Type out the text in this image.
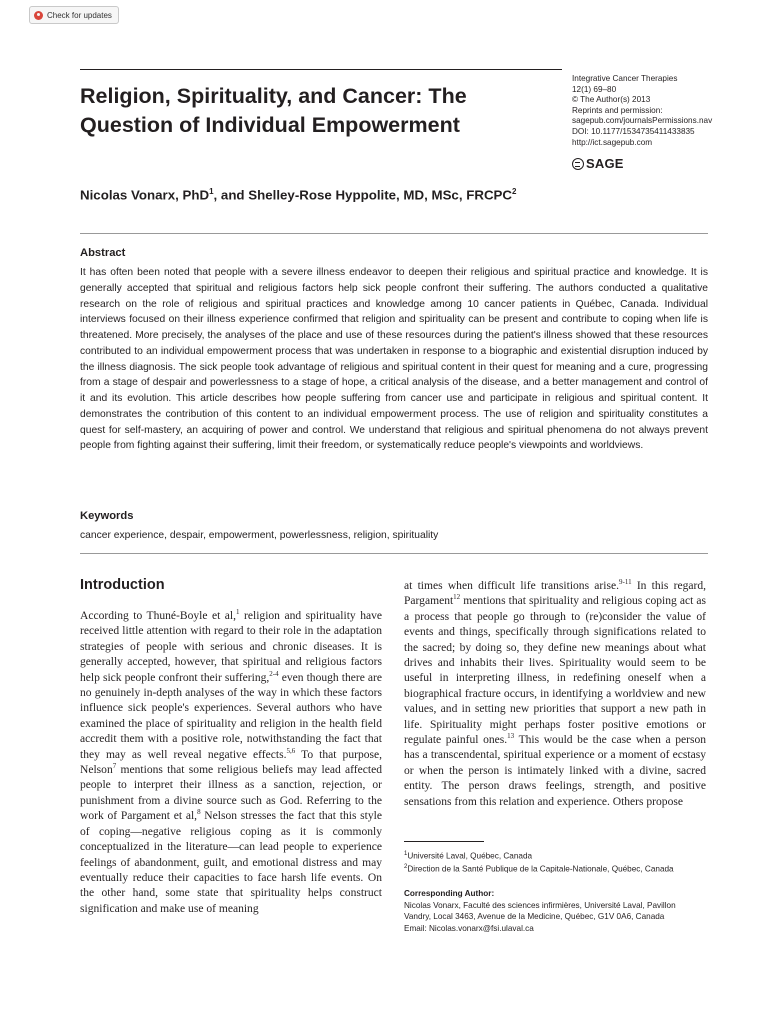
Check for updates
Religion, Spirituality, and Cancer: The Question of Individual Empowerment
Integrative Cancer Therapies
12(1) 69–80
© The Author(s) 2013
Reprints and permission:
sagepub.com/journalsPermissions.nav
DOI: 10.1177/1534735411433835
http://ict.sagepub.com
SAGE
Nicolas Vonarx, PhD$^1$, and Shelley-Rose Hyppolite, MD, MSc, FRCPC$^2$
Abstract

It has often been noted that people with a severe illness endeavor to deepen their religious and spiritual practice and knowledge. It is generally accepted that spiritual and religious factors help sick people confront their suffering. The authors conducted a qualitative research on the role of religious and spiritual practices and knowledge among 10 cancer patients in Québec, Canada. Individual interviews focused on their illness experience confirmed that religion and spirituality can be present and contribute to coping when life is threatened. More precisely, the analyses of the place and use of these resources during the patient's illness showed that these resources contributed to an individual empowerment process that was undertaken in response to a biographic and existential disruption induced by the illness diagnosis. The sick people took advantage of religious and spiritual content in their quest for meaning and a cure, progressing from a stage of despair and powerlessness to a stage of hope, a critical analysis of the disease, and a better management and control of it and its evolution. This article describes how people suffering from cancer use and participate in religious and spiritual content. It demonstrates the contribution of this content to an individual empowerment process. The use of religion and spirituality constitutes a quest for self-mastery, an acquiring of power and control. We understand that religious and spiritual phenomena do not always prevent people from fighting against their suffering, limit their freedom, or systematically reduce people's viewpoints and worldviews.

Keywords

cancer experience, despair, empowerment, powerlessness, religion, spirituality

Introduction

According to Thuné-Boyle et al,$^1$ religion and spirituality have received little attention with regard to their role in the adaptation strategies of people with serious and chronic diseases. It is generally accepted, however, that spiritual and religious factors help sick people confront their suffering,$^{2-4}$ even though there are no genuinely in-depth analyses of the way in which these factors influence sick people's experiences. Several authors who have examined the place of spirituality and religion in the health field accredit them with a positive role, notwithstanding the fact that they may as well reveal negative effects.$^{5,6}$ To that purpose, Nelson$^7$ mentions that some religious beliefs may lead affected people to interpret their illness as a sanction, rejection, or punishment from a divine source such as God. Referring to the work of Pargament et al,$^8$ Nelson stresses the fact that this style of coping—negative religious coping as it is commonly conceptualized in the literature—can lead people to experience feelings of abandonment, guilt, and emotional distress and may eventually reduce their capacities to face harsh life events. On the other hand, some state that spirituality helps construct signification and make use of meaning

at times when difficult life transitions arise.$^{9-11}$ In this regard, Pargament$^{12}$ mentions that spirituality and religious coping act as a process that people go through to (re)consider the value of events and things, specifically through significations related to the sacred; by doing so, they define new meanings about what drives and inhabits their lives. Spirituality would seem to be useful in interpreting illness, in redefining oneself when a biographical fracture occurs, in identifying a worldview and new values, and in setting new priorities that support a new path in life. Spirituality might perhaps foster positive emotions or regulate painful ones.$^{13}$ This would be the case when a person has a transcendental, spiritual experience or a moment of ecstasy or when the person is intimately linked with a divine, sacred entity. The person draws feelings, strength, and positive sensations from this relation and experience. Others propose

$^1$Université Laval, Québec, Canada
$^2$Direction de la Santé Publique de la Capitale-Nationale, Québec, Canada
Corresponding Author:
Nicolas Vonarx, Faculté des sciences infirmières, Université Laval, Pavillon
Vandry, Local 3463, Avenue de la Medicine, Québec, G1V 0A6, Canada
Email: Nicolas.vonarx@fsi.ulaval.ca
